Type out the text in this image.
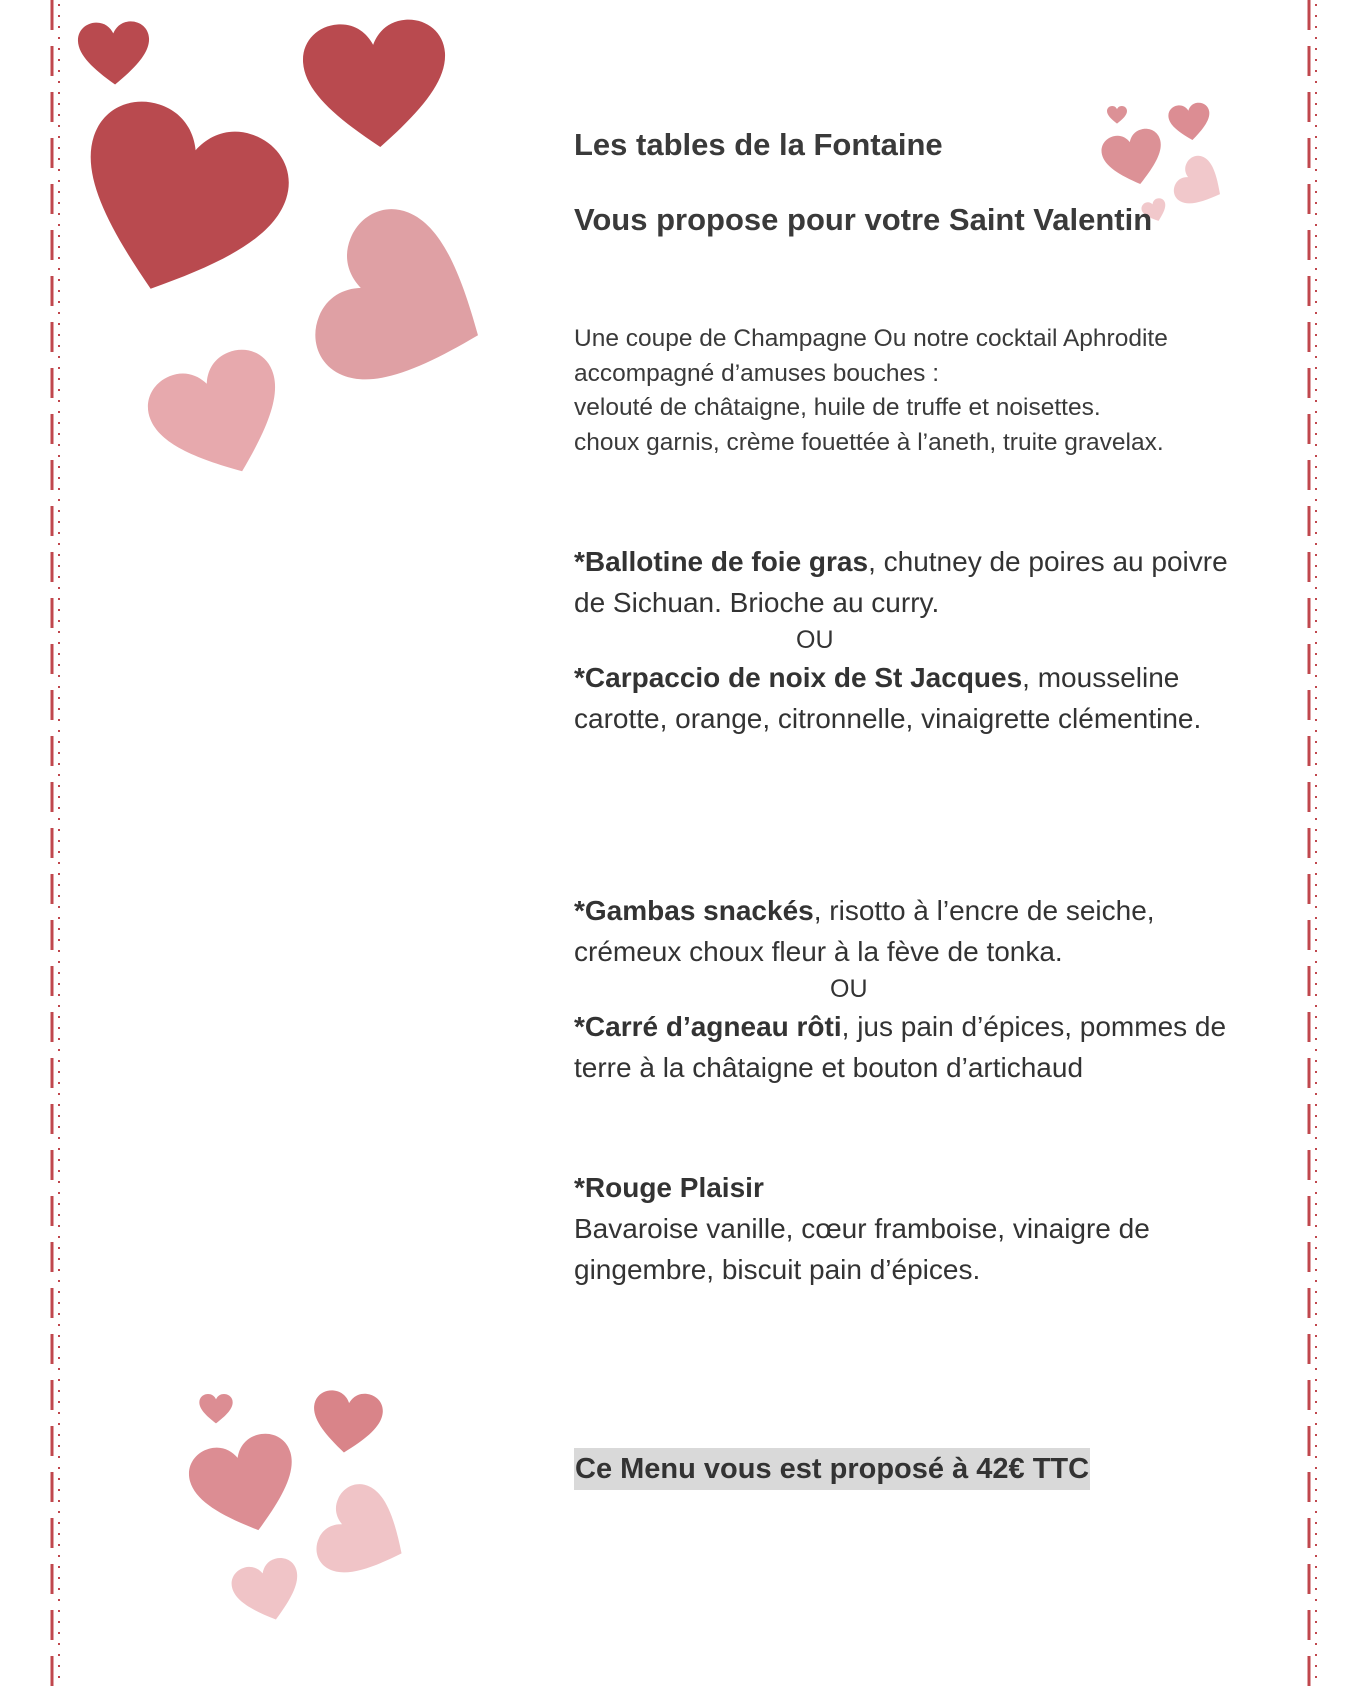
Les tables de la Fontaine
Vous propose pour votre Saint Valentin
Une coupe de Champagne Ou notre cocktail Aphrodite
accompagné d’amuses bouches :
velouté de châtaigne, huile de truffe et noisettes.
choux garnis, crème fouettée à l’aneth, truite gravelax.
*Ballotine de foie gras, chutney de poires au poivre de Sichuan. Brioche au curry.
OU
*Carpaccio de noix de St Jacques, mousseline carotte, orange, citronnelle, vinaigrette clémentine.
*Gambas snackés, risotto à l’encre de seiche, crémeux choux fleur à la fève de tonka.
OU
*Carré d’agneau rôti, jus pain d’épices, pommes de terre à la châtaigne et bouton d’artichaud
*Rouge Plaisir
Bavaroise vanille, cœur framboise, vinaigre de gingembre, biscuit pain d’épices.
Ce Menu vous est proposé à 42€ TTC
